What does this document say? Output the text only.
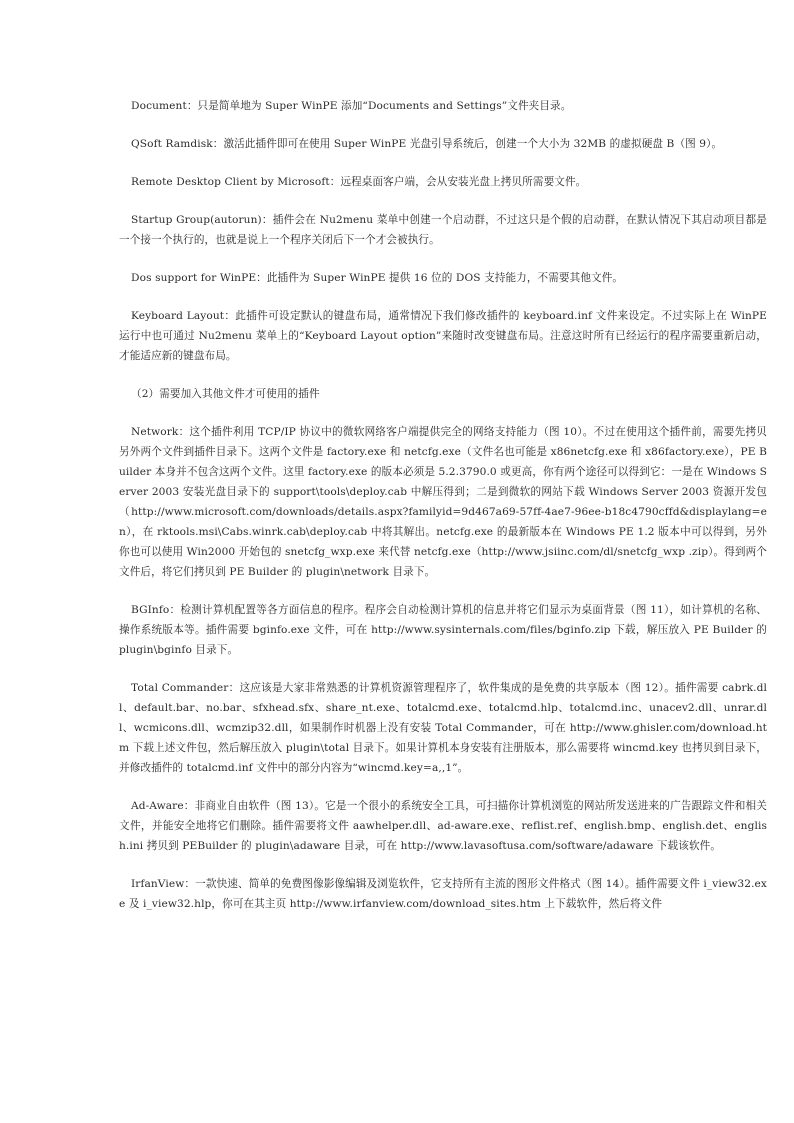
Document：只是简单地为 Super WinPE 添加“Documents and Settings”文件夹目录。

QSoft Ramdisk：激活此插件即可在使用 Super WinPE 光盘引导系统后，创建一个大小为 32MB 的虚拟硬盘 B（图 9）。

Remote Desktop Client by Microsoft：远程桌面客户端，会从安装光盘上拷贝所需要文件。

Startup Group(autorun)：插件会在 Nu2menu 菜单中创建一个启动群，不过这只是个假的启动群，在默认情况下其启动项目都是一个接一个执行的，也就是说上一个程序关闭后下一个才会被执行。

Dos support for WinPE：此插件为 Super WinPE 提供 16 位的 DOS 支持能力，不需要其他文件。

Keyboard Layout：此插件可设定默认的键盘布局，通常情况下我们修改插件的 keyboard.inf 文件来设定。不过实际上在 WinPE 运行中也可通过 Nu2menu 菜单上的“Keyboard Layout option”来随时改变键盘布局。注意这时所有已经运行的程序需要重新启动，才能适应新的键盘布局。

（2）需要加入其他文件才可使用的插件

Network：这个插件利用 TCP/IP 协议中的微软网络客户端提供完全的网络支持能力（图 10）。不过在使用这个插件前，需要先拷贝另外两个文件到插件目录下。这两个文件是 factory.exe 和 netcfg.exe（文件名也可能是 x86netcfg.exe 和 x86factory.exe），PE Builder 本身并不包含这两个文件。这里 factory.exe 的版本必须是 5.2.3790.0 或更高，你有两个途径可以得到它：一是在 Windows Server 2003 安装光盘目录下的 support\tools\deploy.cab 中解压得到；二是到微软的网站下载 Windows Server 2003 资源开发包（http://www.microsoft.com/downloads/details.aspx?familyid=9d467a69-57ff-4ae7-96ee-b18c4790cffd&displaylang=en），在 rktools.msi\Cabs.winrk.cab\deploy.cab 中将其解出。netcfg.exe 的最新版本在 Windows PE 1.2 版本中可以得到，另外你也可以使用 Win2000 开始包的 snetcfg_wxp.exe 来代替 netcfg.exe（http://www.jsiinc.com/dl/snetcfg_wxp .zip）。得到两个文件后，将它们拷贝到 PE Builder 的 plugin\network 目录下。

BGInfo：检测计算机配置等各方面信息的程序。程序会自动检测计算机的信息并将它们显示为桌面背景（图 11），如计算机的名称、操作系统版本等。插件需要 bginfo.exe 文件，可在 http://www.sysinternals.com/files/bginfo.zip 下载，解压放入 PE Builder 的 plugin\bginfo 目录下。

Total Commander：这应该是大家非常熟悉的计算机资源管理程序了，软件集成的是免费的共享版本（图 12）。插件需要 cabrk.dll、default.bar、no.bar、sfxhead.sfx、share_nt.exe、totalcmd.exe、totalcmd.hlp、totalcmd.inc、unacev2.dll、unrar.dll、wcmicons.dll、wcmzip32.dll，如果制作时机器上没有安装 Total Commander，可在 http://www.ghisler.com/download.htm 下载上述文件包，然后解压放入 plugin\total 目录下。如果计算机本身安装有注册版本，那么需要将 wincmd.key 也拷贝到目录下，并修改插件的 totalcmd.inf 文件中的部分内容为“wincmd.key=a,,1”。

Ad-Aware：非商业自由软件（图 13）。它是一个很小的系统安全工具，可扫描你计算机浏览的网站所发送进来的广告跟踪文件和相关文件，并能安全地将它们删除。插件需要将文件 aawhelper.dll、ad-aware.exe、reflist.ref、english.bmp、english.det、english.ini 拷贝到 PEBuilder 的 plugin\adaware 目录，可在 http://www.lavasoftusa.com/software/adaware 下载该软件。

IrfanView：一款快速、简单的免费图像影像编辑及浏览软件，它支持所有主流的图形文件格式（图 14）。插件需要文件 i_view32.exe 及 i_view32.hlp，你可在其主页 http://www.irfanview.com/download_sites.htm 上下载软件，然后将文件
